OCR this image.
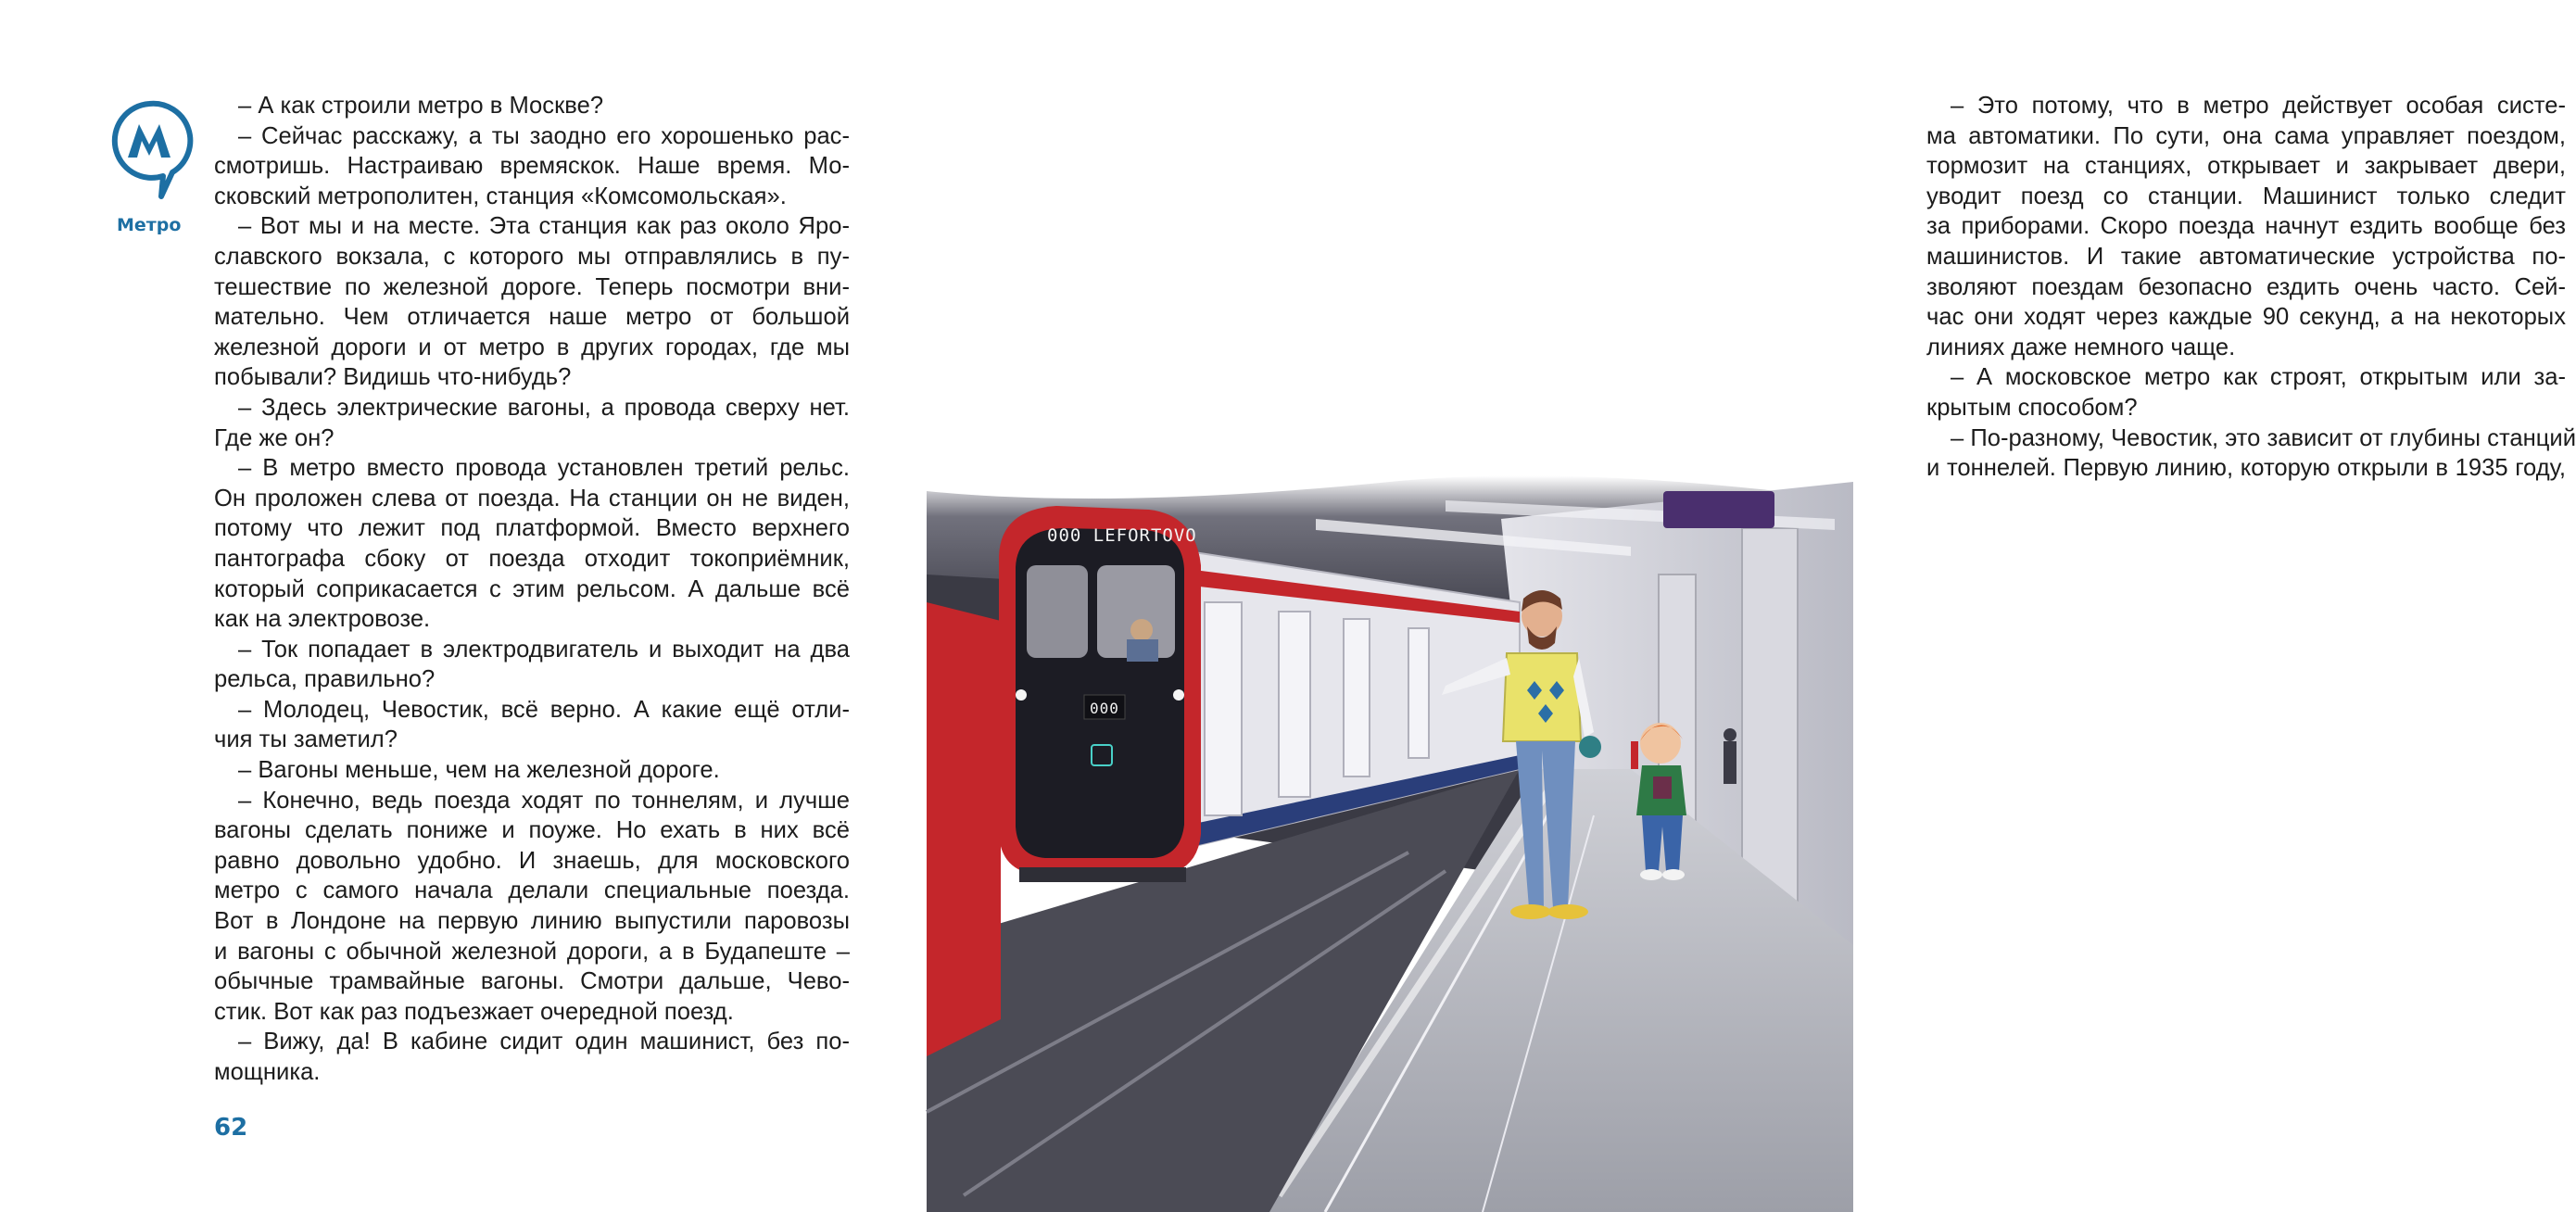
Метро
– А как строили метро в Москве?
– Сейчас расскажу, а ты заодно его хорошенько рас-
смотришь. Настраиваю времяскок. Наше время. Мо-
сковский метрополитен, станция «Комсомольская».
– Вот мы и на месте. Эта станция как раз около Яро-
славского вокзала, с которого мы отправлялись в пу-
тешествие по железной дороге. Теперь посмотри вни-
мательно. Чем отличается наше метро от большой
железной дороги и от метро в других городах, где мы
побывали? Видишь что-нибудь?
– Здесь электрические вагоны, а провода сверху нет.
Где же он?
– В метро вместо провода установлен третий рельс.
Он проложен слева от поезда. На станции он не виден,
потому что лежит под платформой. Вместо верхнего
пантографа сбоку от поезда отходит токоприёмник,
который соприкасается с этим рельсом. А дальше всё
как на электровозе.
– Ток попадает в электродвигатель и выходит на два
рельса, правильно?
– Молодец, Чевостик, всё верно. А какие ещё отли-
чия ты заметил?
– Вагоны меньше, чем на железной дороге.
– Конечно, ведь поезда ходят по тоннелям, и лучше
вагоны сделать пониже и поуже. Но ехать в них всё
равно довольно удобно. И знаешь, для московского
метро с самого начала делали специальные поезда.
Вот в Лондоне на первую линию выпустили паровозы
и вагоны с обычной железной дороги, а в Будапеште –
обычные трамвайные вагоны. Смотри дальше, Чево-
стик. Вот как раз подъезжает очередной поезд.
– Вижу, да! В кабине сидит один машинист, без по-
мощника.
62
– Это потому, что в метро действует особая систе-
ма автоматики. По сути, она сама управляет поездом,
тормозит на станциях, открывает и закрывает двери,
уводит поезд со станции. Машинист только следит
за приборами. Скоро поезда начнут ездить вообще без
машинистов. И такие автоматические устройства по-
зволяют поездам безопасно ездить очень часто. Сей-
час они ходят через каждые 90 секунд, а на некоторых
линиях даже немного чаще.
– А московское метро как строят, открытым или за-
крытым способом?
– По-разному, Чевостик, это зависит от глубины станций
и тоннелей. Первую линию, которую открыли в 1935 году,
000 LEFORTOVO
000
